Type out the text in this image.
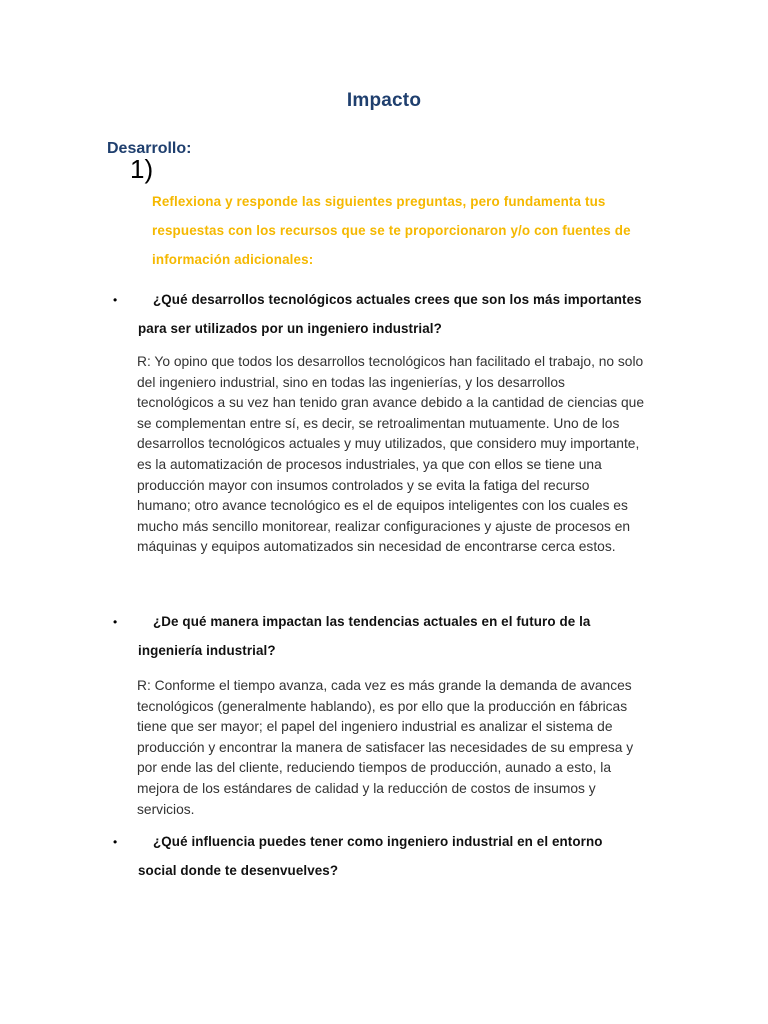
Impacto
Desarrollo:
1)
Reflexiona y responde las siguientes preguntas, pero fundamenta tus respuestas con los recursos que se te proporcionaron y/o con fuentes de información adicionales:
•	¿Qué desarrollos tecnológicos actuales crees que son los más importantes para ser utilizados por un ingeniero industrial?
R: Yo opino que todos los desarrollos tecnológicos han facilitado el trabajo, no solo del ingeniero industrial, sino en todas las ingenierías, y los desarrollos tecnológicos a su vez han tenido gran avance debido a la cantidad de ciencias que se complementan entre sí, es decir, se retroalimentan mutuamente. Uno de los desarrollos tecnológicos actuales y muy utilizados, que considero muy importante, es la automatización de procesos industriales, ya que con ellos se tiene una producción mayor con insumos controlados y se evita la fatiga del recurso humano; otro avance tecnológico es el de equipos inteligentes con los cuales es mucho más sencillo monitorear, realizar configuraciones y ajuste de procesos en máquinas y equipos automatizados sin necesidad de encontrarse cerca estos.
•	¿De qué manera impactan las tendencias actuales en el futuro de la ingeniería industrial?
R: Conforme el tiempo avanza, cada vez es más grande la demanda de avances tecnológicos (generalmente hablando), es por ello que la producción en fábricas tiene que ser mayor; el papel del ingeniero industrial es analizar el sistema de producción y encontrar la manera de satisfacer las necesidades de su empresa y por ende las del cliente, reduciendo tiempos de producción, aunado a esto, la mejora de los estándares de calidad y la reducción de costos de insumos y servicios.
•	¿Qué influencia puedes tener como ingeniero industrial en el entorno social donde te desenvuelves?
